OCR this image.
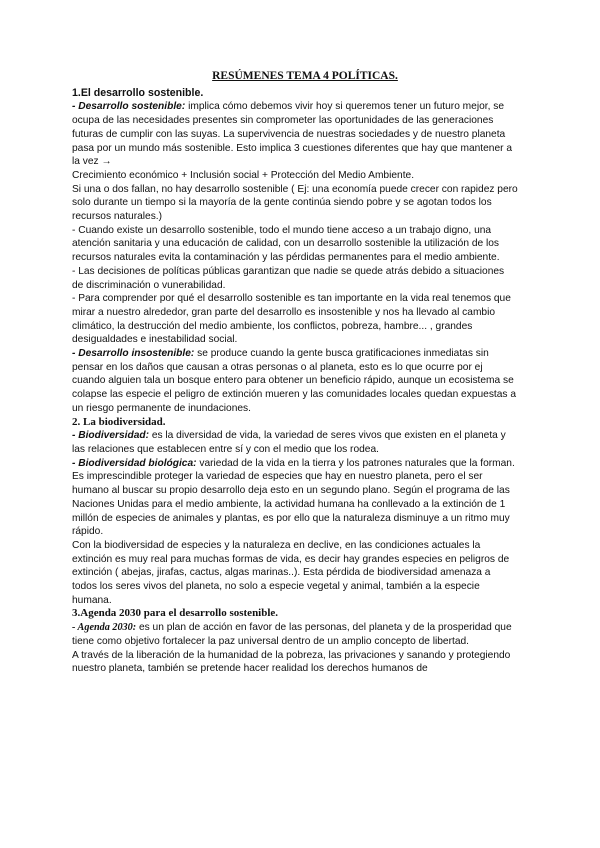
RESÚMENES TEMA 4 POLÍTICAS.
1.El desarrollo sostenible.

- Desarrollo sostenible: implica cómo debemos vivir hoy si queremos tener un futuro mejor, se ocupa de las necesidades presentes sin comprometer las oportunidades de las generaciones futuras de cumplir con las suyas. La supervivencia de nuestras sociedades y de nuestro planeta pasa por un mundo más sostenible. Esto implica 3 cuestiones diferentes que hay que mantener a la vez →

Crecimiento económico + Inclusión social + Protección del Medio Ambiente.

Si una o dos fallan, no hay desarrollo sostenible ( Ej: una economía puede crecer con rapidez pero solo durante un tiempo si la mayoría de la gente continúa siendo pobre y se agotan todos los recursos naturales.)

- Cuando existe un desarrollo sostenible, todo el mundo tiene acceso a un trabajo digno, una atención sanitaria y una educación de calidad, con un desarrollo sostenible la utilización de los recursos naturales evita la contaminación y las pérdidas permanentes para el medio ambiente.

- Las decisiones de políticas públicas garantizan que nadie se quede atrás debido a situaciones de discriminación o vunerabilidad.

- Para comprender por qué el desarrollo sostenible es tan importante en la vida real tenemos que mirar a nuestro alrededor, gran parte del desarrollo es insostenible y nos ha llevado al cambio climático, la destrucción del medio ambiente, los conflictos, pobreza, hambre... , grandes desigualdades e inestabilidad social.

- Desarrollo insostenible: se produce cuando la gente busca gratificaciones inmediatas sin pensar en los daños que causan a otras personas o al planeta, esto es lo que ocurre por ej cuando alguien tala un bosque entero para obtener un beneficio rápido, aunque un ecosistema se colapse las especie el peligro de extinción mueren y las comunidades locales quedan expuestas a un riesgo permanente de inundaciones.

2. La biodiversidad.

- Biodiversidad: es la diversidad de vida, la variedad de seres vivos que existen en el planeta y las relaciones que establecen entre sí y con el medio que los rodea.

- Biodiversidad biológica: variedad de la vida en la tierra y los patrones naturales que la forman.

Es imprescindible proteger la variedad de especies que hay en nuestro planeta, pero el ser humano al buscar su propio desarrollo deja esto en un segundo plano. Según el programa de las Naciones Unidas para el medio ambiente, la actividad humana ha conllevado a la extinción de 1 millón de especies de animales y plantas, es por ello que la naturaleza disminuye a un ritmo muy rápido.

Con la biodiversidad de especies y la naturaleza en declive, en las condiciones actuales la extinción es muy real para muchas formas de vida, es decir hay grandes especies en peligros de extinción ( abejas, jirafas, cactus, algas marinas..). Esta pérdida de biodiversidad amenaza a todos los seres vivos del planeta, no solo a especie vegetal y animal, también a la especie humana.

3.Agenda 2030 para el desarrollo sostenible.

- Agenda 2030: es un plan de acción en favor de las personas, del planeta y de la prosperidad que tiene como objetivo fortalecer la paz universal dentro de un amplio concepto de libertad.

A través de la liberación de la humanidad de la pobreza, las privaciones y sanando y protegiendo nuestro planeta, también se pretende hacer realidad los derechos humanos de
